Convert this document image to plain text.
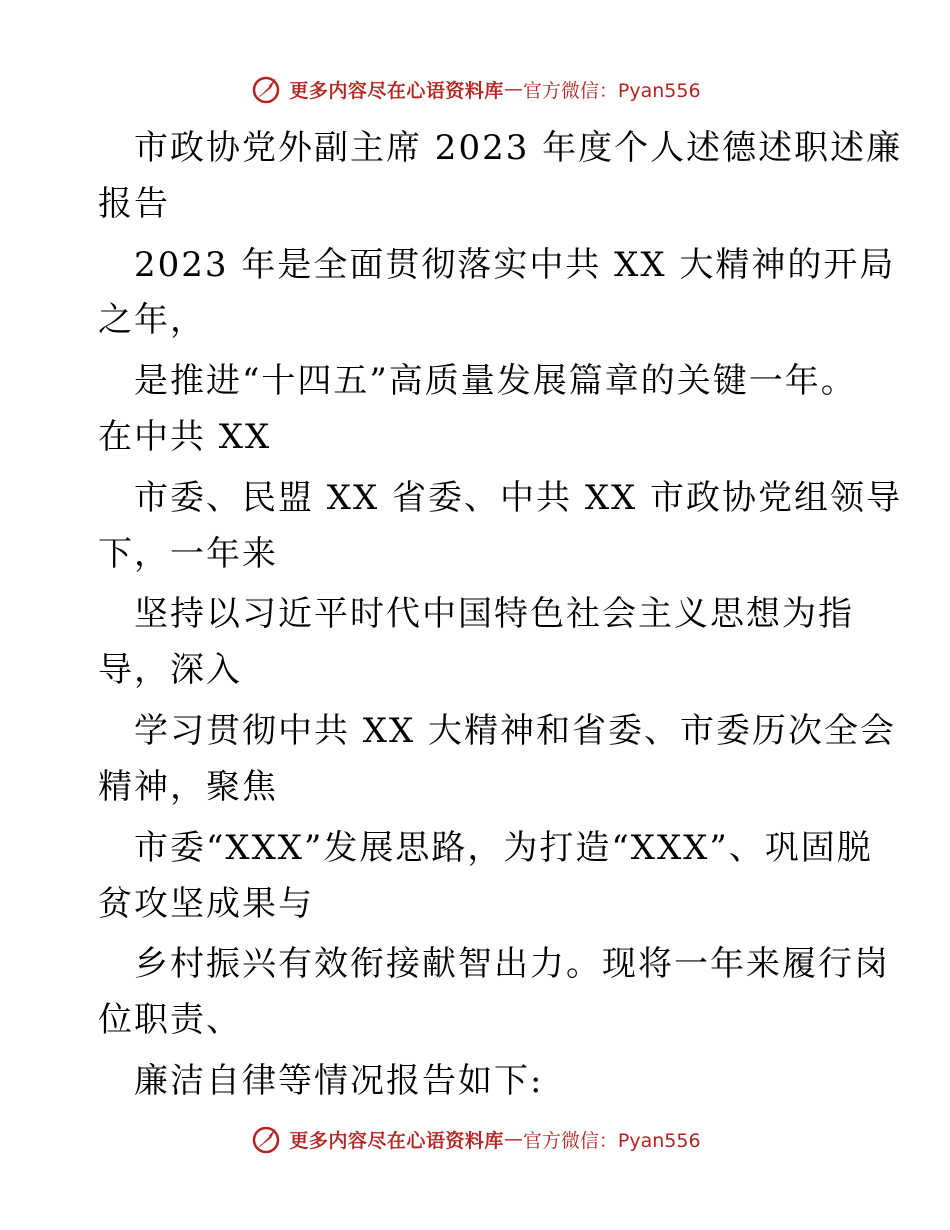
更多内容尽在心语资料库 — 官方微信：Pyan556
市政协党外副主席 2023 年度个人述德述职述廉
报告
2023 年是全面贯彻落实中共 XX 大精神的开局
之年，
是推进“十四五”高质量发展篇章的关键一年。
在中共 XX
市委、民盟 XX 省委、中共 XX 市政协党组领导
下，一年来
坚持以习近平时代中国特色社会主义思想为指
导，深入
学习贯彻中共 XX 大精神和省委、市委历次全会
精神，聚焦
市委“XXX”发展思路，为打造“XXX”、巩固脱
贫攻坚成果与
乡村振兴有效衔接献智出力。现将一年来履行岗
位职责、
廉洁自律等情况报告如下:
更多内容尽在心语资料库 — 官方微信：Pyan556
